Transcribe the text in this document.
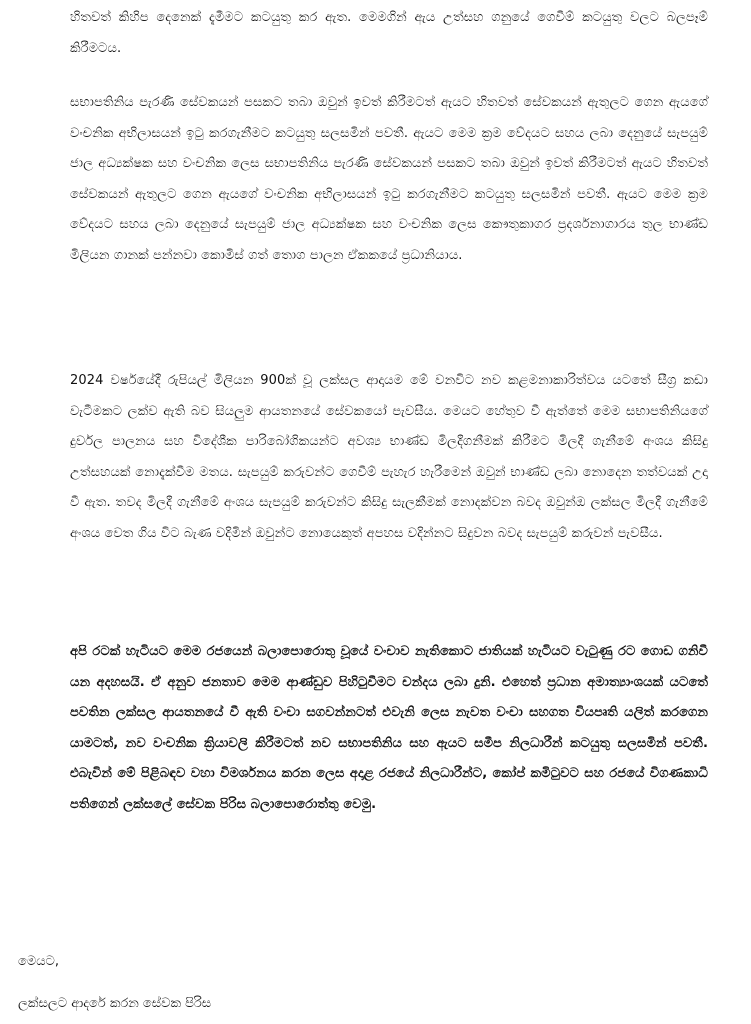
හිතවත් කිහිප දෙනෙක් දැමීමට කටයුතු කර ඇත. මෙමගින් ඇය උත්සහ ගනුයේ ගෙවීම් කටයුතු වලට බලපෑම් කිරීමටය.

සභාපතිනිය පැරණි සේවකයන් පසකට තබා ඔවුන් ඉවත් කිරීමටත් ඇයට හිතවත් සේවකයන් ඇතුලට ගෙන ඇයගේ වංචනික අභිලාසයන් ඉටු කරගැනීමට කටයුතු සලසමින් පවතී. ඇයට මෙම ක්‍රම වේදයට සහය ලබා දෙනුයේ සැපයුම් ජාල අධ්‍යක්ෂක සහ වංචනික ලෙස සභාපතිනිය පැරණි සේවකයන් පසකට තබා ඔවුන් ඉවත් කිරීමටත් ඇයට හිතවත් සේවකයන් ඇතුලට ගෙන ඇයගේ වංචනික අභිලාසයන් ඉටු කරගැනීමට කටයුතු සලසමින් පවතී. ඇයට මෙම ක්‍රම වේදයට සහය ලබා දෙනුයේ සැපයුම් ජාල අධ්‍යක්ෂක සහ වංචනික ලෙස කෞතුකාගර ප්‍රදර්ශනාගාරය තුල භාණ්ඩ මිලියන ගානක් පන්නවා කොමිස් ගත් තොග පාලන ඒකකයේ ප්‍රධානියාය.

2024 වර්ෂයේදී රුපියල් මිලියන 900ක් වූ ලක්සල ආදායම මේ වනවිට නව කළමනාකාරිත්වය යටතේ සීග්‍ර කඩා වැටීමකට ලක්ව ඇති බව සියලුම ආයතනයේ සේවකයෝ පැවසීය. මෙයට හේතුව වී ඇත්තේ මෙම සභාපතිනියගේ දුර්වල පාලනය සහ විදේශීක පාරිබෝගිකයන්ට අවශ්‍ය භාණ්ඩ මිලදීගනීමක් කිරීමට මිලදී ගැනීමේ අංශය කිසිදු උත්සහයක් නොදැක්වීම මතය. සැපයුම් කරුවන්ට ගෙවීම් පැහැර හැරීමෙන් ඔවුන් භාණ්ඩ ලබා නොදෙන තත්වයක් උදා වී ඇත. තවද මිලදී ගැනීමේ අංශය සැපයුම් කරුවන්ට කිසිදු සැලකීමක් නොදක්වන බවද ඔවුන්ඔ ලක්සල මිලදී ගැනීමේ අංශය වෙත ගිය විට බැණ වදිමින් ඔවුන්ට නොයෙකුත් අපහස වදින්නට සිදුවන බවද සැපයුම් කරුවන් පැවසීය.

අපි රටක් හැටියට මෙම රජයෙන් බලාපොරොතු වූයේ වංචාව නැතිකොට ජාතියක් හැටියට වැටුණු රට ගොඩ ගනිවී යන අදහසයි. ඒ අනුව ජනතාව මෙම ආණ්ඩුව පිහිටුවීමට චන්දය ලබා දුනි. එහෙත් ප්‍රධාන අමාත්‍යාංශයක් යටතේ පවතින ලක්සල ආයතනයේ වී ඇති වංචා සගවන්නටත් එවැනි ලෙස නැවත වංචා සහගත වියපෘති යලිත් කරගෙන යාමටත්, නව වංචනික ක්‍රියාවලි කිරීමටත් නව සභාපතිනිය සහ ඇයට සමීප නිලධාරීන් කටයුතු සලසමින් පවතී. එබැවින් මේ පිළිබඳව වහා විමර්ශනය කරන ලෙස අදාළ රජයේ නිලධාරීන්ට, කෝප් කමිටුවට සහ රජයේ විගණකාධි පතිගෙන් ලක්සලේ සේවක පිරිස බලාපොරොත්තු වෙමු.

මෙයට,

ලක්සලට ආදරේ කරන සේවක පිරිස
